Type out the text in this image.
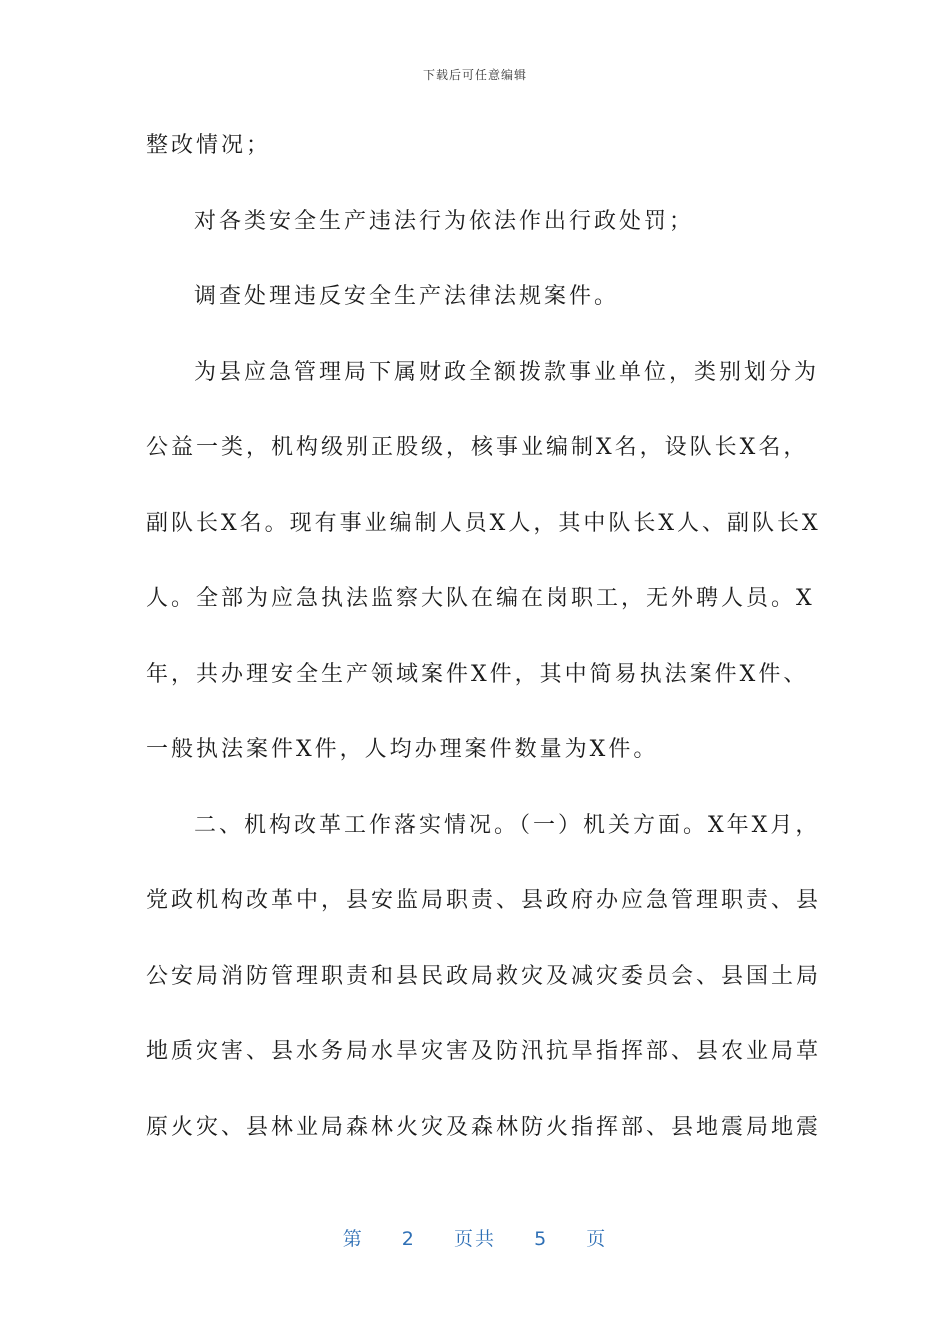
下载后可任意编辑
整改情况；
对各类安全生产违法行为依法作出行政处罚；
调查处理违反安全生产法律法规案件。
为县应急管理局下属财政全额拨款事业单位，类别划分为
公益一类，机构级别正股级，核事业编制X名，设队长X名，
副队长X名。现有事业编制人员X人，其中队长X人、副队长X
人。全部为应急执法监察大队在编在岗职工，无外聘人员。X
年，共办理安全生产领域案件X件，其中简易执法案件X件、
一般执法案件X件，人均办理案件数量为X件。
二、机构改革工作落实情况。（一）机关方面。X年X月，
党政机构改革中，县安监局职责、县政府办应急管理职责、县
公安局消防管理职责和县民政局救灾及减灾委员会、县国土局
地质灾害、县水务局水旱灾害及防汛抗旱指挥部、县农业局草
原火灾、县林业局森林火灾及森林防火指挥部、县地震局地震
第 2 页共 5 页
